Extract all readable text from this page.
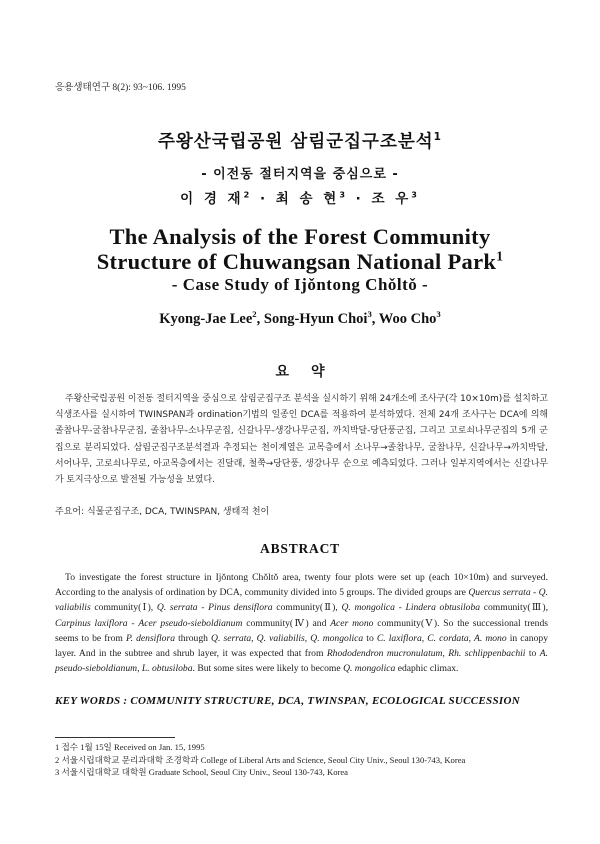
응용생태연구 8(2): 93~106. 1995
주왕산국립공원 삼림군집구조분석$^1$
- 이전동 절터지역을 중심으로 -
이 경 재$^2$ · 최 송 현$^3$ · 조 우$^3$
The Analysis of the Forest Community
Structure of Chuwangsan National Park$^1$
- Case Study of Ijǒntong Chǒltǒ -
Kyong-Jae Lee$^2$, Song-Hyun Choi$^3$, Woo Cho$^3$
요약

주왕산국립공원 이전동 절터지역을 중심으로 삼림군집구조 분석을 실시하기 위해 24개소에 조사구(각 10×10m)를 설치하고 식생조사를 실시하여 TWINSPAN과 ordination기법의 일종인 DCA를 적용하여 분석하였다. 전체 24개 조사구는 DCA에 의해 졸참나무-굴참나무군집, 졸참나무-소나무군집, 신갈나무-생강나무군집, 까치박달-당단풍군집, 그리고 고로쇠나무군집의 5개 군집으로 분리되었다. 삼림군집구조분석결과 추정되는 천이계열은 교목층에서 소나무→졸참나무, 굴참나무, 신갈나무→까치박달, 서어나무, 고로쇠나무로, 아교목층에서는 진달래, 철쭉→당단풍, 생강나무 순으로 예측되었다. 그러나 일부지역에서는 신갈나무가 토지극상으로 발전될 가능성을 보였다.

주요어: 식물군집구조, DCA, TWINSPAN, 생태적 천이
ABSTRACT

To investigate the forest structure in Ijǒntong Chǒltǒ area, twenty four plots were set up (each 10×10m) and surveyed. According to the analysis of ordination by DCA, community divided into 5 groups. The divided groups are Quercus serrata - Q. valiabilis community(Ⅰ), Q. serrata - Pinus densiflora community(Ⅱ), Q. mongolica - Lindera obtusiloba community(Ⅲ), Carpinus laxiflora - Acer pseudo-sieboldianum community(Ⅳ) and Acer mono community(Ⅴ). So the successional trends seems to be from P. densiflora through Q. serrata, Q. valiabilis, Q. mongolica to C. laxiflora, C. cordata, A. mono in canopy layer. And in the subtree and shrub layer, it was expected that from Rhododendron mucronulatum, Rh. schlippenbachii to A. pseudo-sieboldianum, L. obtusiloba. But some sites were likely to become Q. mongolica edaphic climax.

KEY WORDS : COMMUNITY STRUCTURE, DCA, TWINSPAN, ECOLOGICAL SUCCESSION
1 접수 1월 15일 Received on Jan. 15, 1995
2 서울시립대학교 문리과대학 조경학과 College of Liberal Arts and Science, Seoul City Univ., Seoul 130-743, Korea
3 서울시립대학교 대학원 Graduate School, Seoul City Univ., Seoul 130-743, Korea
